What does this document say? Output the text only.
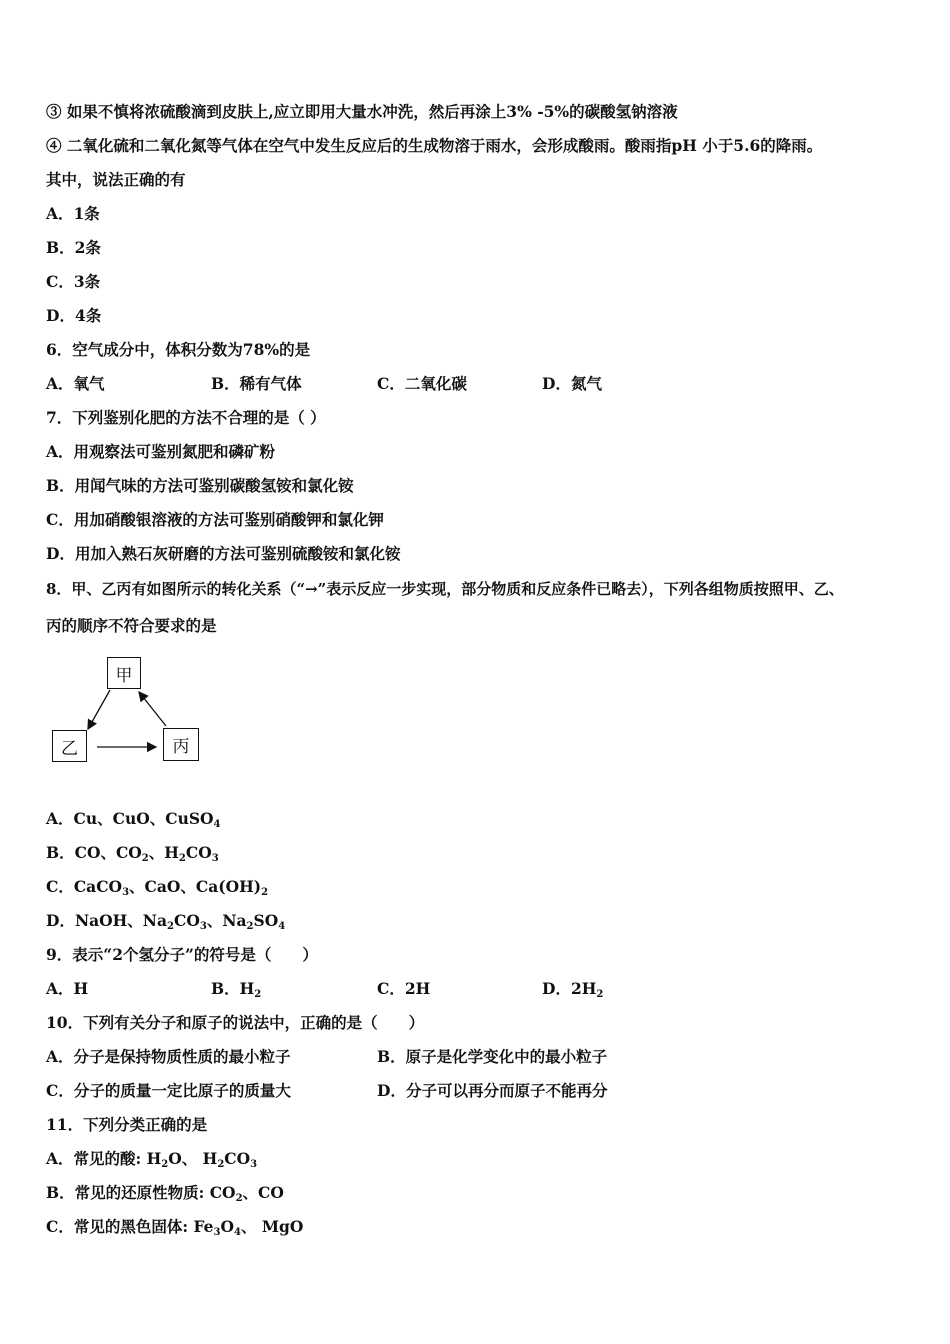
③ 如果不慎将浓硫酸滴到皮肤上,应立即用大量水冲洗，然后再涂上3% -5%的碳酸氢钠溶液
④ 二氧化硫和二氧化氮等气体在空气中发生反应后的生成物溶于雨水，会形成酸雨。酸雨指pH 小于5.6的降雨。
其中，说法正确的有
A．1条
B．2条
C．3条
D．4条
6．空气成分中，体积分数为78%的是
A．氧气	B．稀有气体	C．二氧化碳	D．氮气
7．下列鉴别化肥的方法不合理的是（ ）
A．用观察法可鉴别氮肥和磷矿粉
B．用闻气味的方法可鉴别碳酸氢铵和氯化铵
C．用加硝酸银溶液的方法可鉴别硝酸钾和氯化钾
D．用加入熟石灰研磨的方法可鉴别硫酸铵和氯化铵
8．甲、乙丙有如图所示的转化关系（“→”表示反应一步实现，部分物质和反应条件已略去），下列各组物质按照甲、乙、
丙的顺序不符合要求的是
甲
乙	丙
A．Cu、CuO、CuSO$_4$
B．CO、$CO_2$、$H_2CO_3$
C．CaCO$_3$、CaO、$Ca(OH)_2$
D．NaOH、$Na_2CO_3$、$Na_2SO_4$
9．表示“2个氢分子”的符号是（　　）
A．H	B．$H_2$	C．2H	D．$2H_2$
10．下列有关分子和原子的说法中，正确的是（　　）
A．分子是保持物质性质的最小粒子	B．原子是化学变化中的最小粒子
C．分子的质量一定比原子的质量大	D．分子可以再分而原子不能再分
11．下列分类正确的是
A．常见的酸: $H_2O$、 $H_2CO_3$
B．常见的还原性物质: $CO_2$、CO
C．常见的黑色固体: $Fe_3O_4$、 MgO
